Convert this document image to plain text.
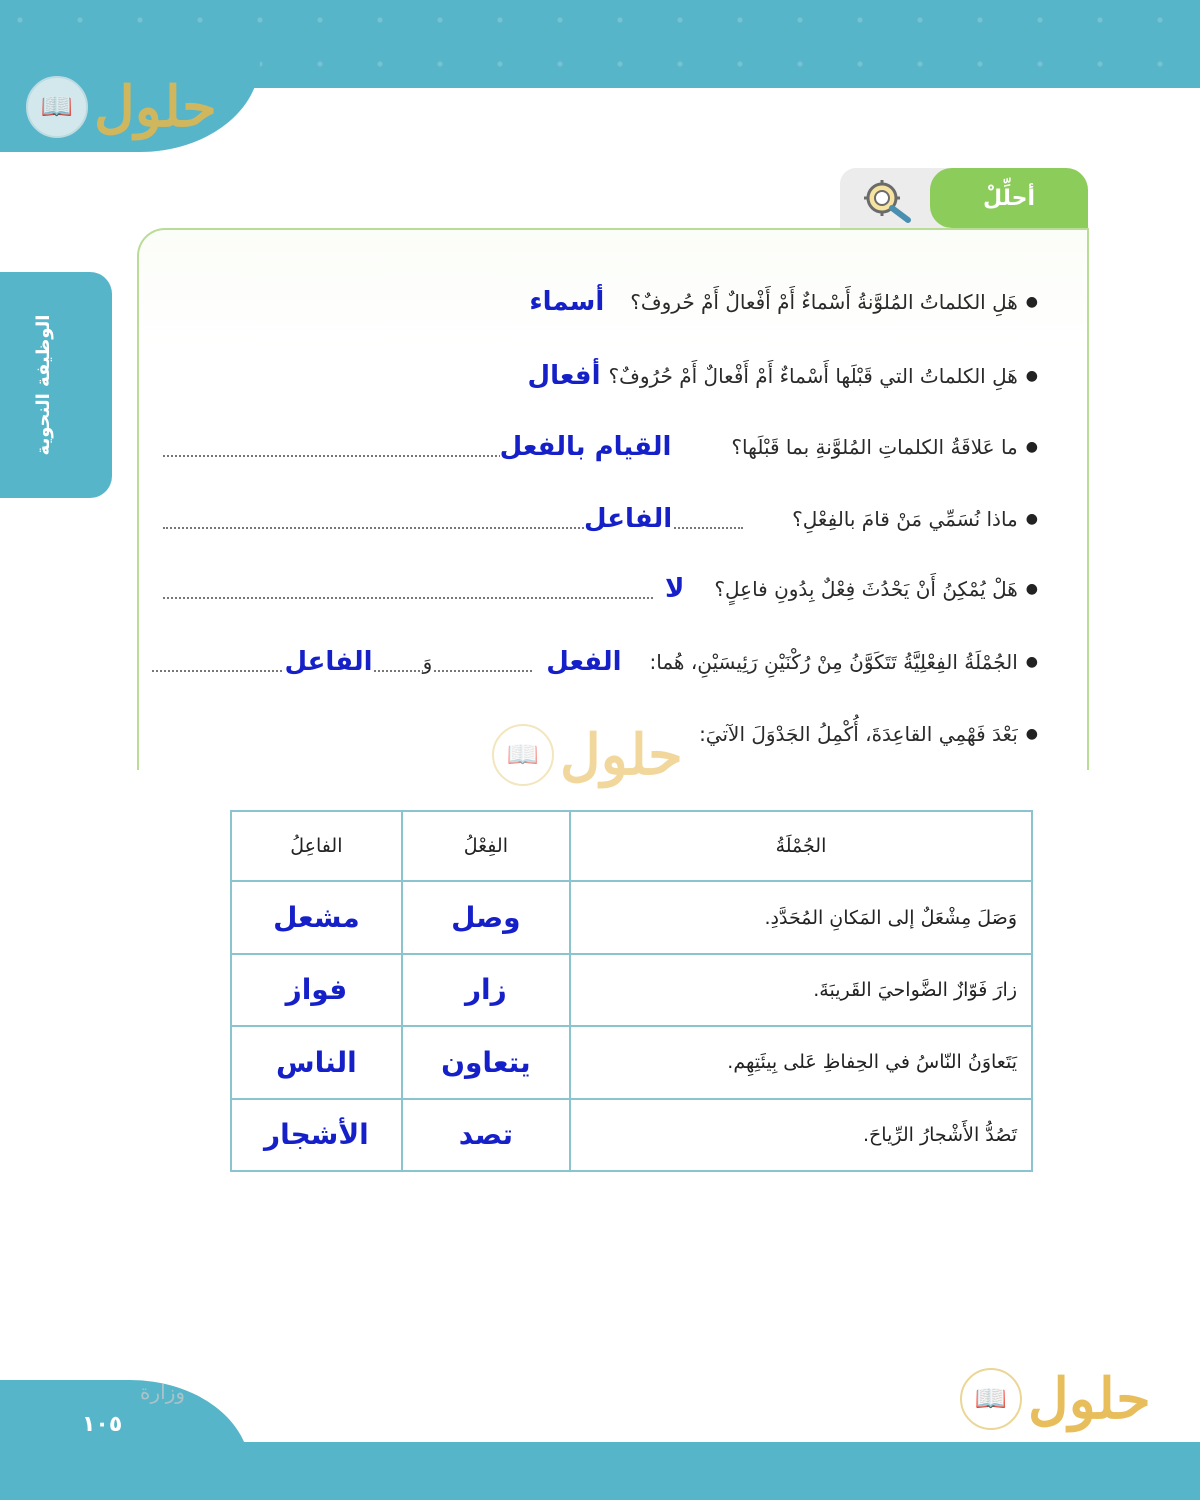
📖 حلول
الوظيفة النحوية
أحلِّلْ
●
هَلِ الكلماتُ المُلوَّنةُ أَسْماءٌ أَمْ أَفْعالٌ أَمْ حُروفٌ؟
أسماء
●
هَلِ الكلماتُ التي قَبْلَها أَسْماءٌ أَمْ أَفْعالٌ أَمْ حُرُوفٌ؟
أفعال
●
ما عَلاقَةُ الكلماتِ المُلوَّنةِ بما قَبْلَها؟
القيام بالفعل
●
ماذا نُسَمِّي مَنْ قامَ بالفِعْلِ؟
الفاعل
●
هَلْ يُمْكِنُ أَنْ يَحْدُثَ فِعْلٌ بِدُونِ فاعِلٍ؟
لا
●
الجُمْلَةُ الفِعْلِيَّةُ تَتَكَوَّنُ مِنْ رُكْنَيْنِ رَئِيسَيْنِ، هُما:
الفعل
وَ
الفاعل
●
بَعْدَ فَهْمِي القاعِدَةَ، أُكْمِلُ الجَدْوَلَ الآتيَ:
📖 حلول
الجُمْلَةُ	الفِعْلُ	الفاعِلُ
وَصَلَ مِشْعَلٌ إلى المَكانِ المُحَدَّدِ.	وصل	مشعل
زارَ فَوّازٌ الضَّواحيَ القَريبَةَ.	زار	فواز
يَتَعاوَنُ النّاسُ في الحِفاظِ عَلى بِيئَتِهِم.	يتعاون	الناس
تَصُدُّ الأَشْجارُ الرِّياحَ.	تصد	الأشجار
وزارة
١٠٥
📖 حلول
